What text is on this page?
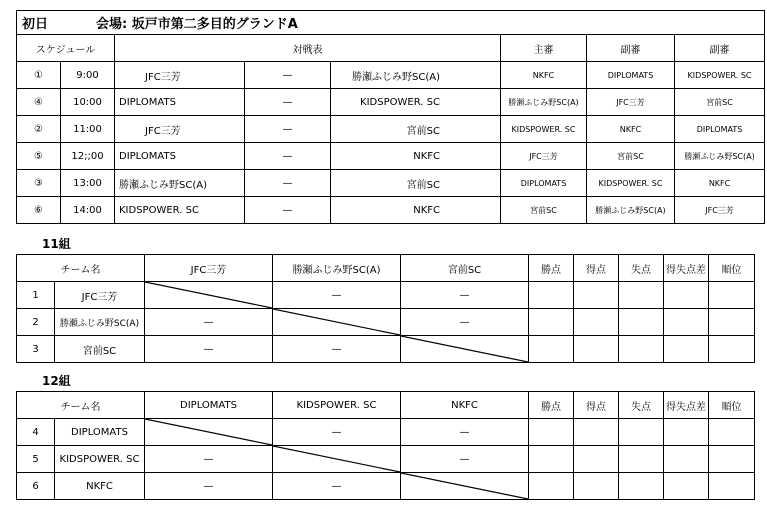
初日 会場: 坂戸市第二多目的グランドA							
スケジュール		対戦表			主審	副審	副審
①	9:00	JFC三芳	—	勝瀬ふじみ野SC(A)	NKFC	DIPLOMATS	KIDSPOWER. SC
④	10:00	DIPLOMATS	—	KIDSPOWER. SC	勝瀬ふじみ野SC(A)	JFC三芳	宮前SC
②	11:00	JFC三芳	—	宮前SC	KIDSPOWER. SC	NKFC	DIPLOMATS
⑤	12;;00	DIPLOMATS	—	NKFC	JFC三芳	宮前SC	勝瀬ふじみ野SC(A)
③	13:00	勝瀬ふじみ野SC(A)	—	宮前SC	DIPLOMATS	KIDSPOWER. SC	NKFC
⑥	14:00	KIDSPOWER. SC	—	NKFC	宮前SC	勝瀬ふじみ野SC(A)	JFC三芳
11組
チーム名		JFC三芳	勝瀬ふじみ野SC(A)	宮前SC	勝点	得点	失点	得失点差	順位
1	JFC三芳		—	—					
2	勝瀬ふじみ野SC(A)	—		—					
3	宮前SC	—	—	

12組
チーム名		DIPLOMATS	KIDSPOWER. SC	NKFC	勝点	得点	失点	得失点差	順位
4	DIPLOMATS		—	—					
5	KIDSPOWER. SC	—		—					
6	NKFC	—	—	
